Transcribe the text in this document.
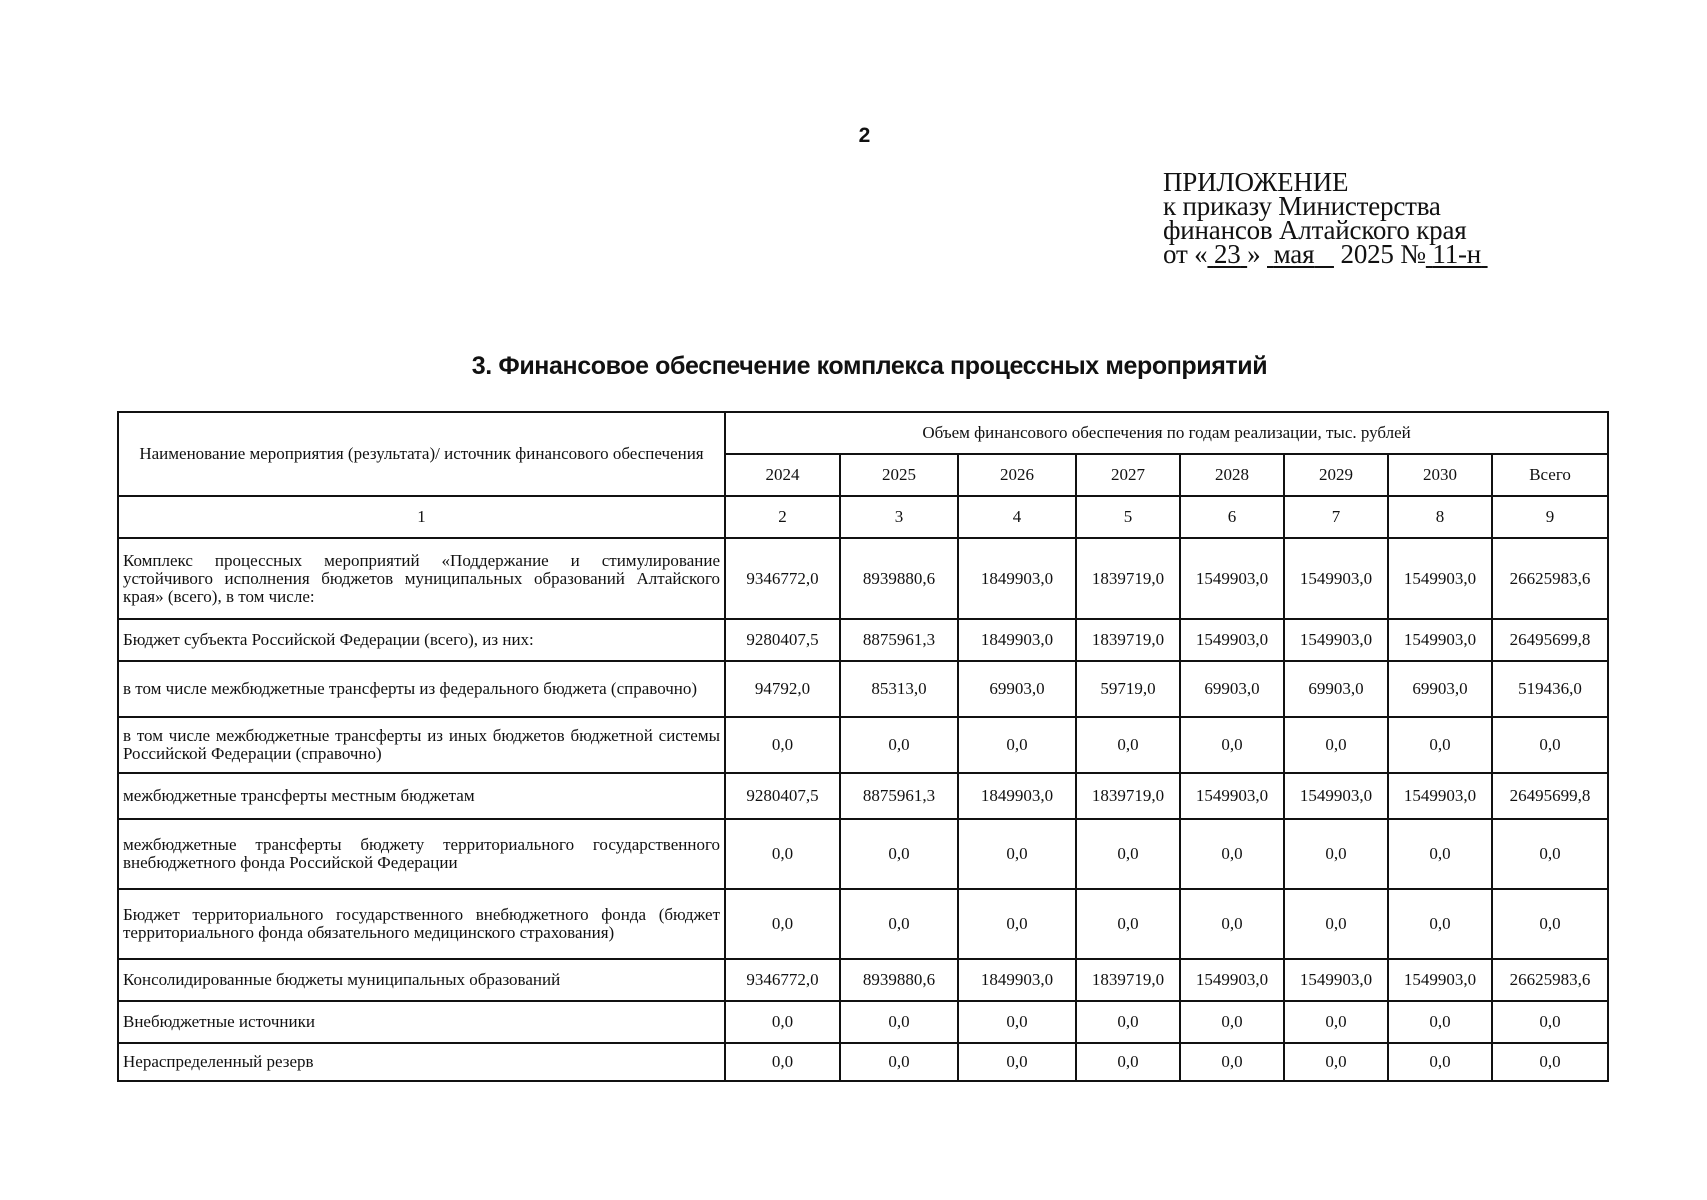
2
ПРИЛОЖЕНИЕ
к приказу Министерства
финансов Алтайского края
от « 23 » мая 2025 № 11-н
3. Финансовое обеспечение комплекса процессных мероприятий
Наименование мероприятия (результата)/ источник финансового обеспечения	Объем финансового обеспечения по годам реализации, тыс. рублей							
	2024	2025	2026	2027	2028	2029	2030	Всего
1	2	3	4	5	6	7	8	9
Комплекс процессных мероприятий «Поддержание и стимулирование устойчивого исполнения бюджетов муниципальных образований Алтайского края» (всего), в том числе:	9346772,0	8939880,6	1849903,0	1839719,0	1549903,0	1549903,0	1549903,0	26625983,6
Бюджет субъекта Российской Федерации (всего), из них:	9280407,5	8875961,3	1849903,0	1839719,0	1549903,0	1549903,0	1549903,0	26495699,8
в том числе межбюджетные трансферты из федерального бюджета (справочно)	94792,0	85313,0	69903,0	59719,0	69903,0	69903,0	69903,0	519436,0
в том числе межбюджетные трансферты из иных бюджетов бюджетной системы Российской Федерации (справочно)	0,0	0,0	0,0	0,0	0,0	0,0	0,0	0,0
межбюджетные трансферты местным бюджетам	9280407,5	8875961,3	1849903,0	1839719,0	1549903,0	1549903,0	1549903,0	26495699,8
межбюджетные трансферты бюджету территориального государственного внебюджетного фонда Российской Федерации	0,0	0,0	0,0	0,0	0,0	0,0	0,0	0,0
Бюджет территориального государственного внебюджетного фонда (бюджет территориального фонда обязательного медицинского страхования)	0,0	0,0	0,0	0,0	0,0	0,0	0,0	0,0
Консолидированные бюджеты муниципальных образований	9346772,0	8939880,6	1849903,0	1839719,0	1549903,0	1549903,0	1549903,0	26625983,6
Внебюджетные источники	0,0	0,0	0,0	0,0	0,0	0,0	0,0	0,0
Нераспределенный резерв	0,0	0,0	0,0	0,0	0,0	0,0	0,0	0,0
